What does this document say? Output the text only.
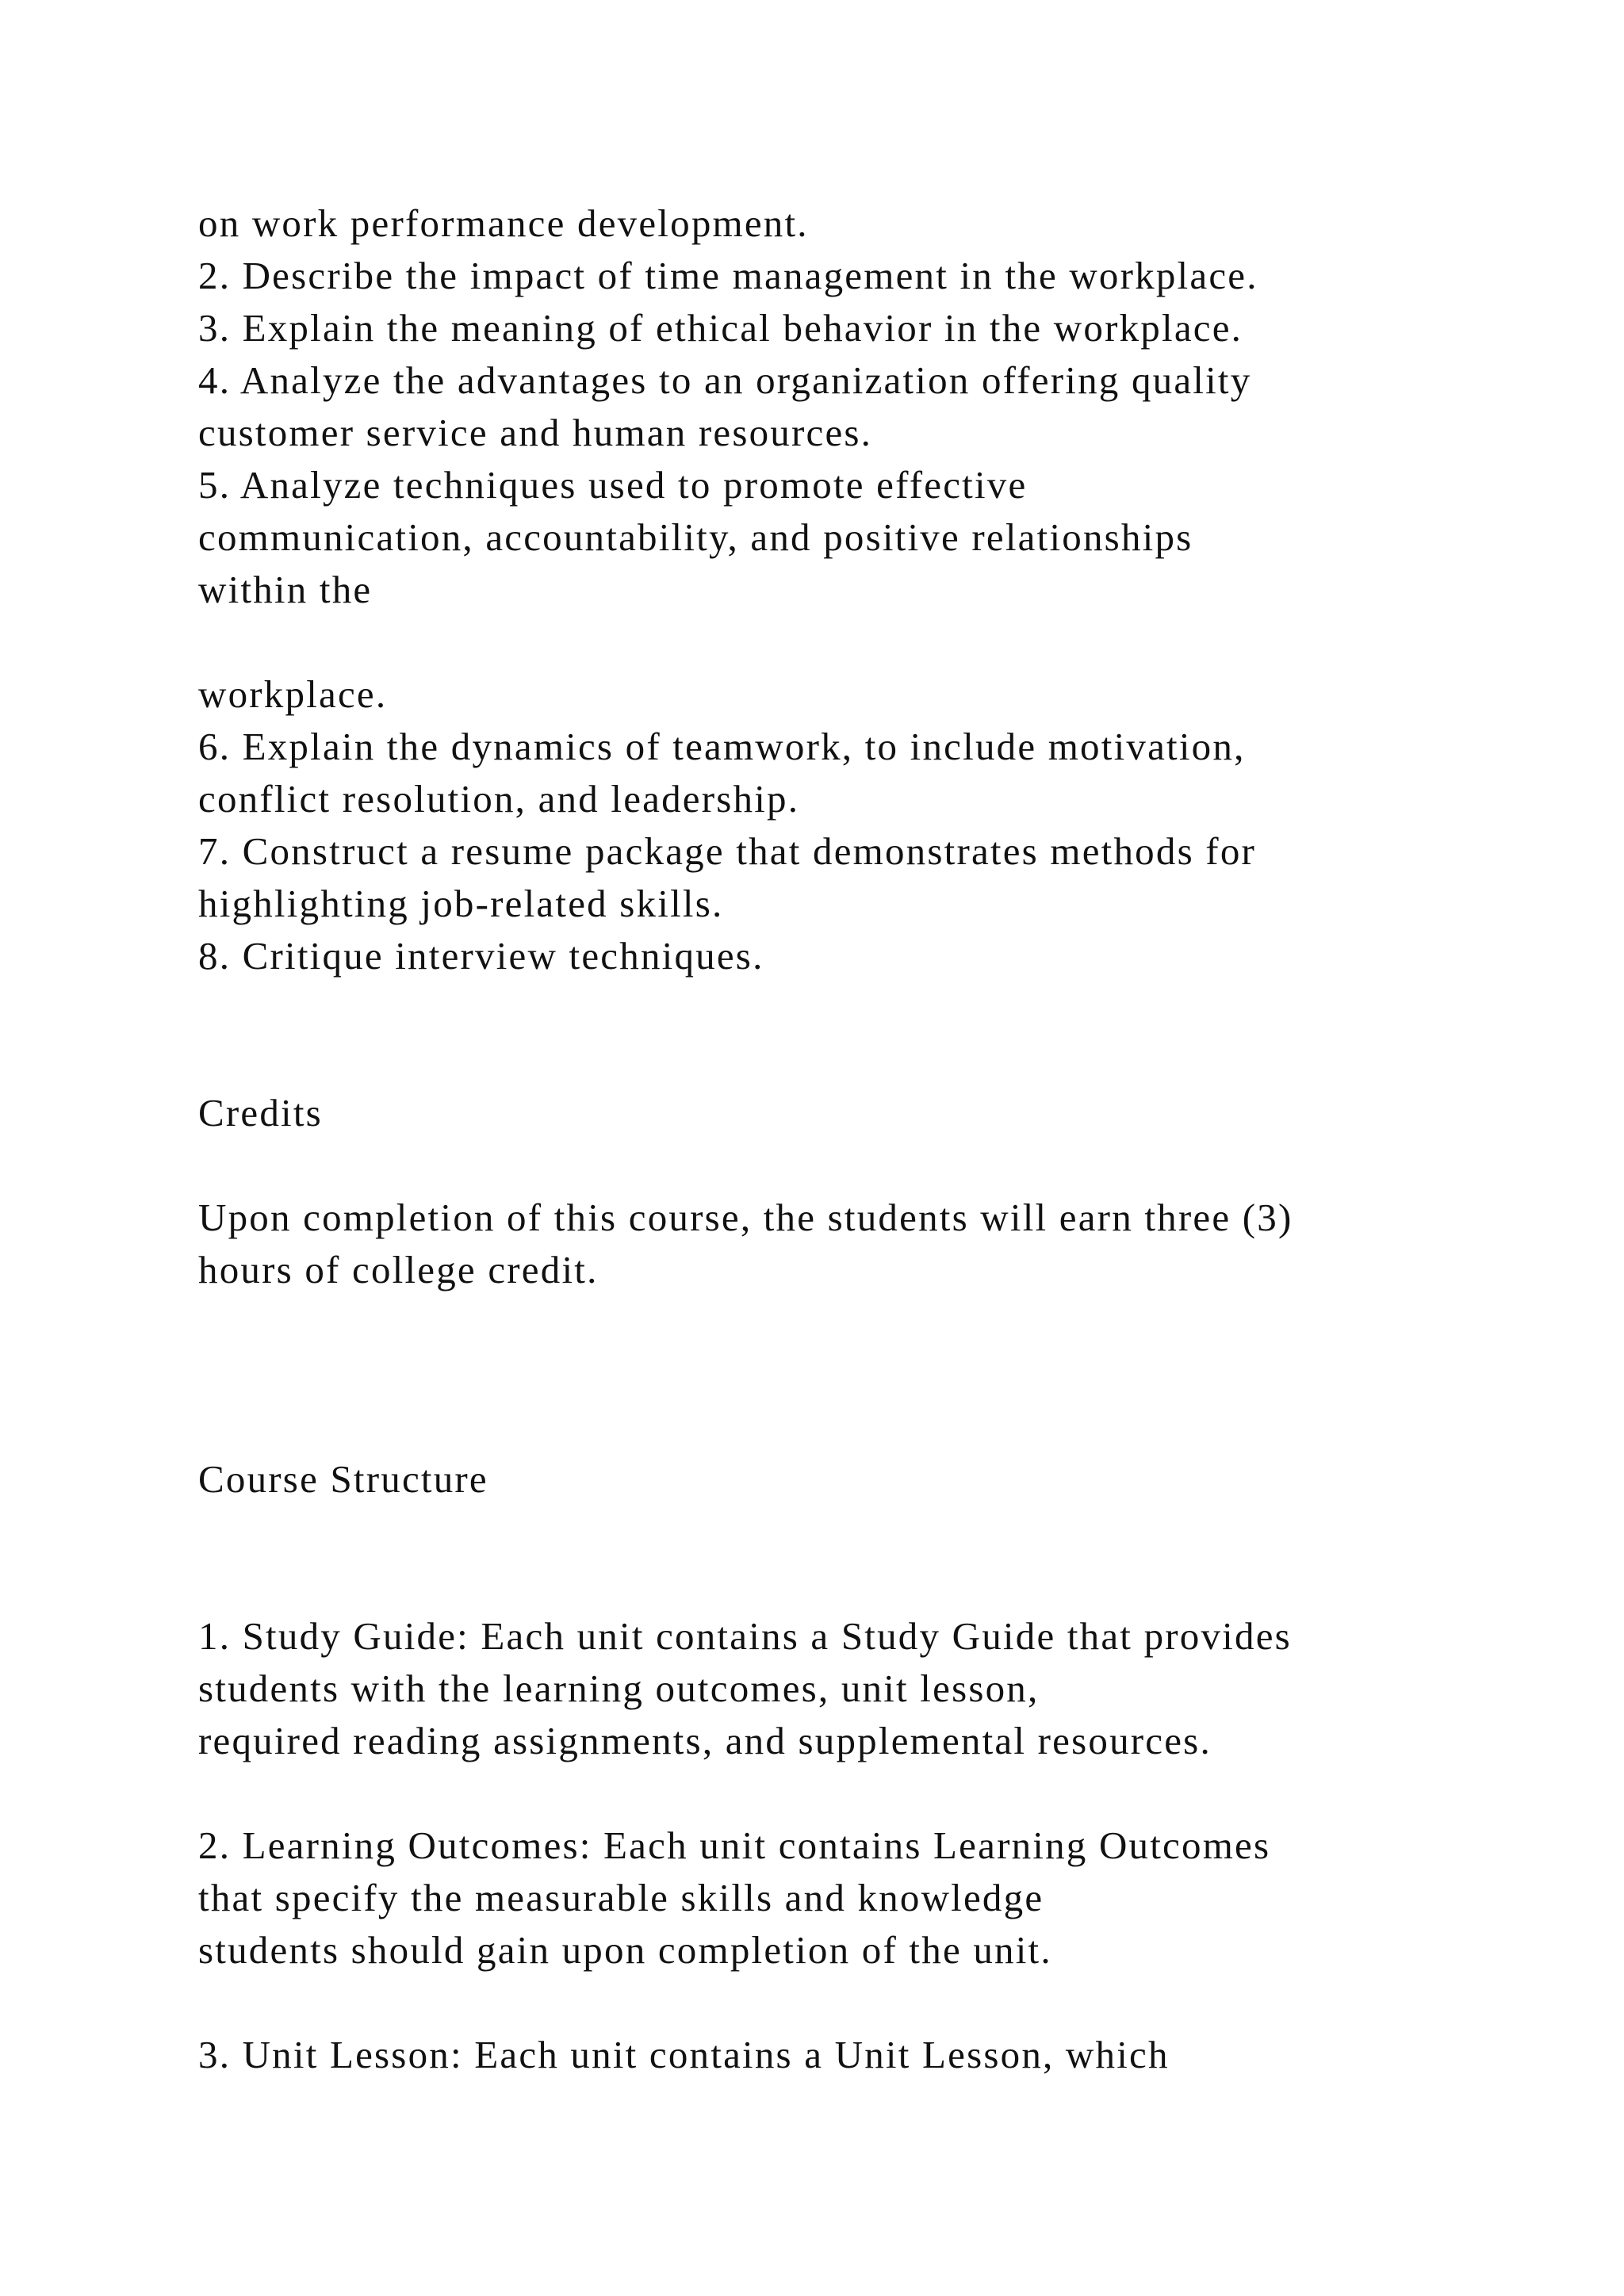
on work performance development.
2. Describe the impact of time management in the workplace.
3. Explain the meaning of ethical behavior in the workplace.
4. Analyze the advantages to an organization offering quality
customer service and human resources.
5. Analyze techniques used to promote effective
communication, accountability, and positive relationships
within the
workplace.
6. Explain the dynamics of teamwork, to include motivation,
conflict resolution, and leadership.
7. Construct a resume package that demonstrates methods for
highlighting job-related skills.
8. Critique interview techniques.
Credits
Upon completion of this course, the students will earn three (3)
hours of college credit.
Course Structure
1. Study Guide: Each unit contains a Study Guide that provides
students with the learning outcomes, unit lesson,
required reading assignments, and supplemental resources.
2. Learning Outcomes: Each unit contains Learning Outcomes
that specify the measurable skills and knowledge
students should gain upon completion of the unit.
3. Unit Lesson: Each unit contains a Unit Lesson, which
